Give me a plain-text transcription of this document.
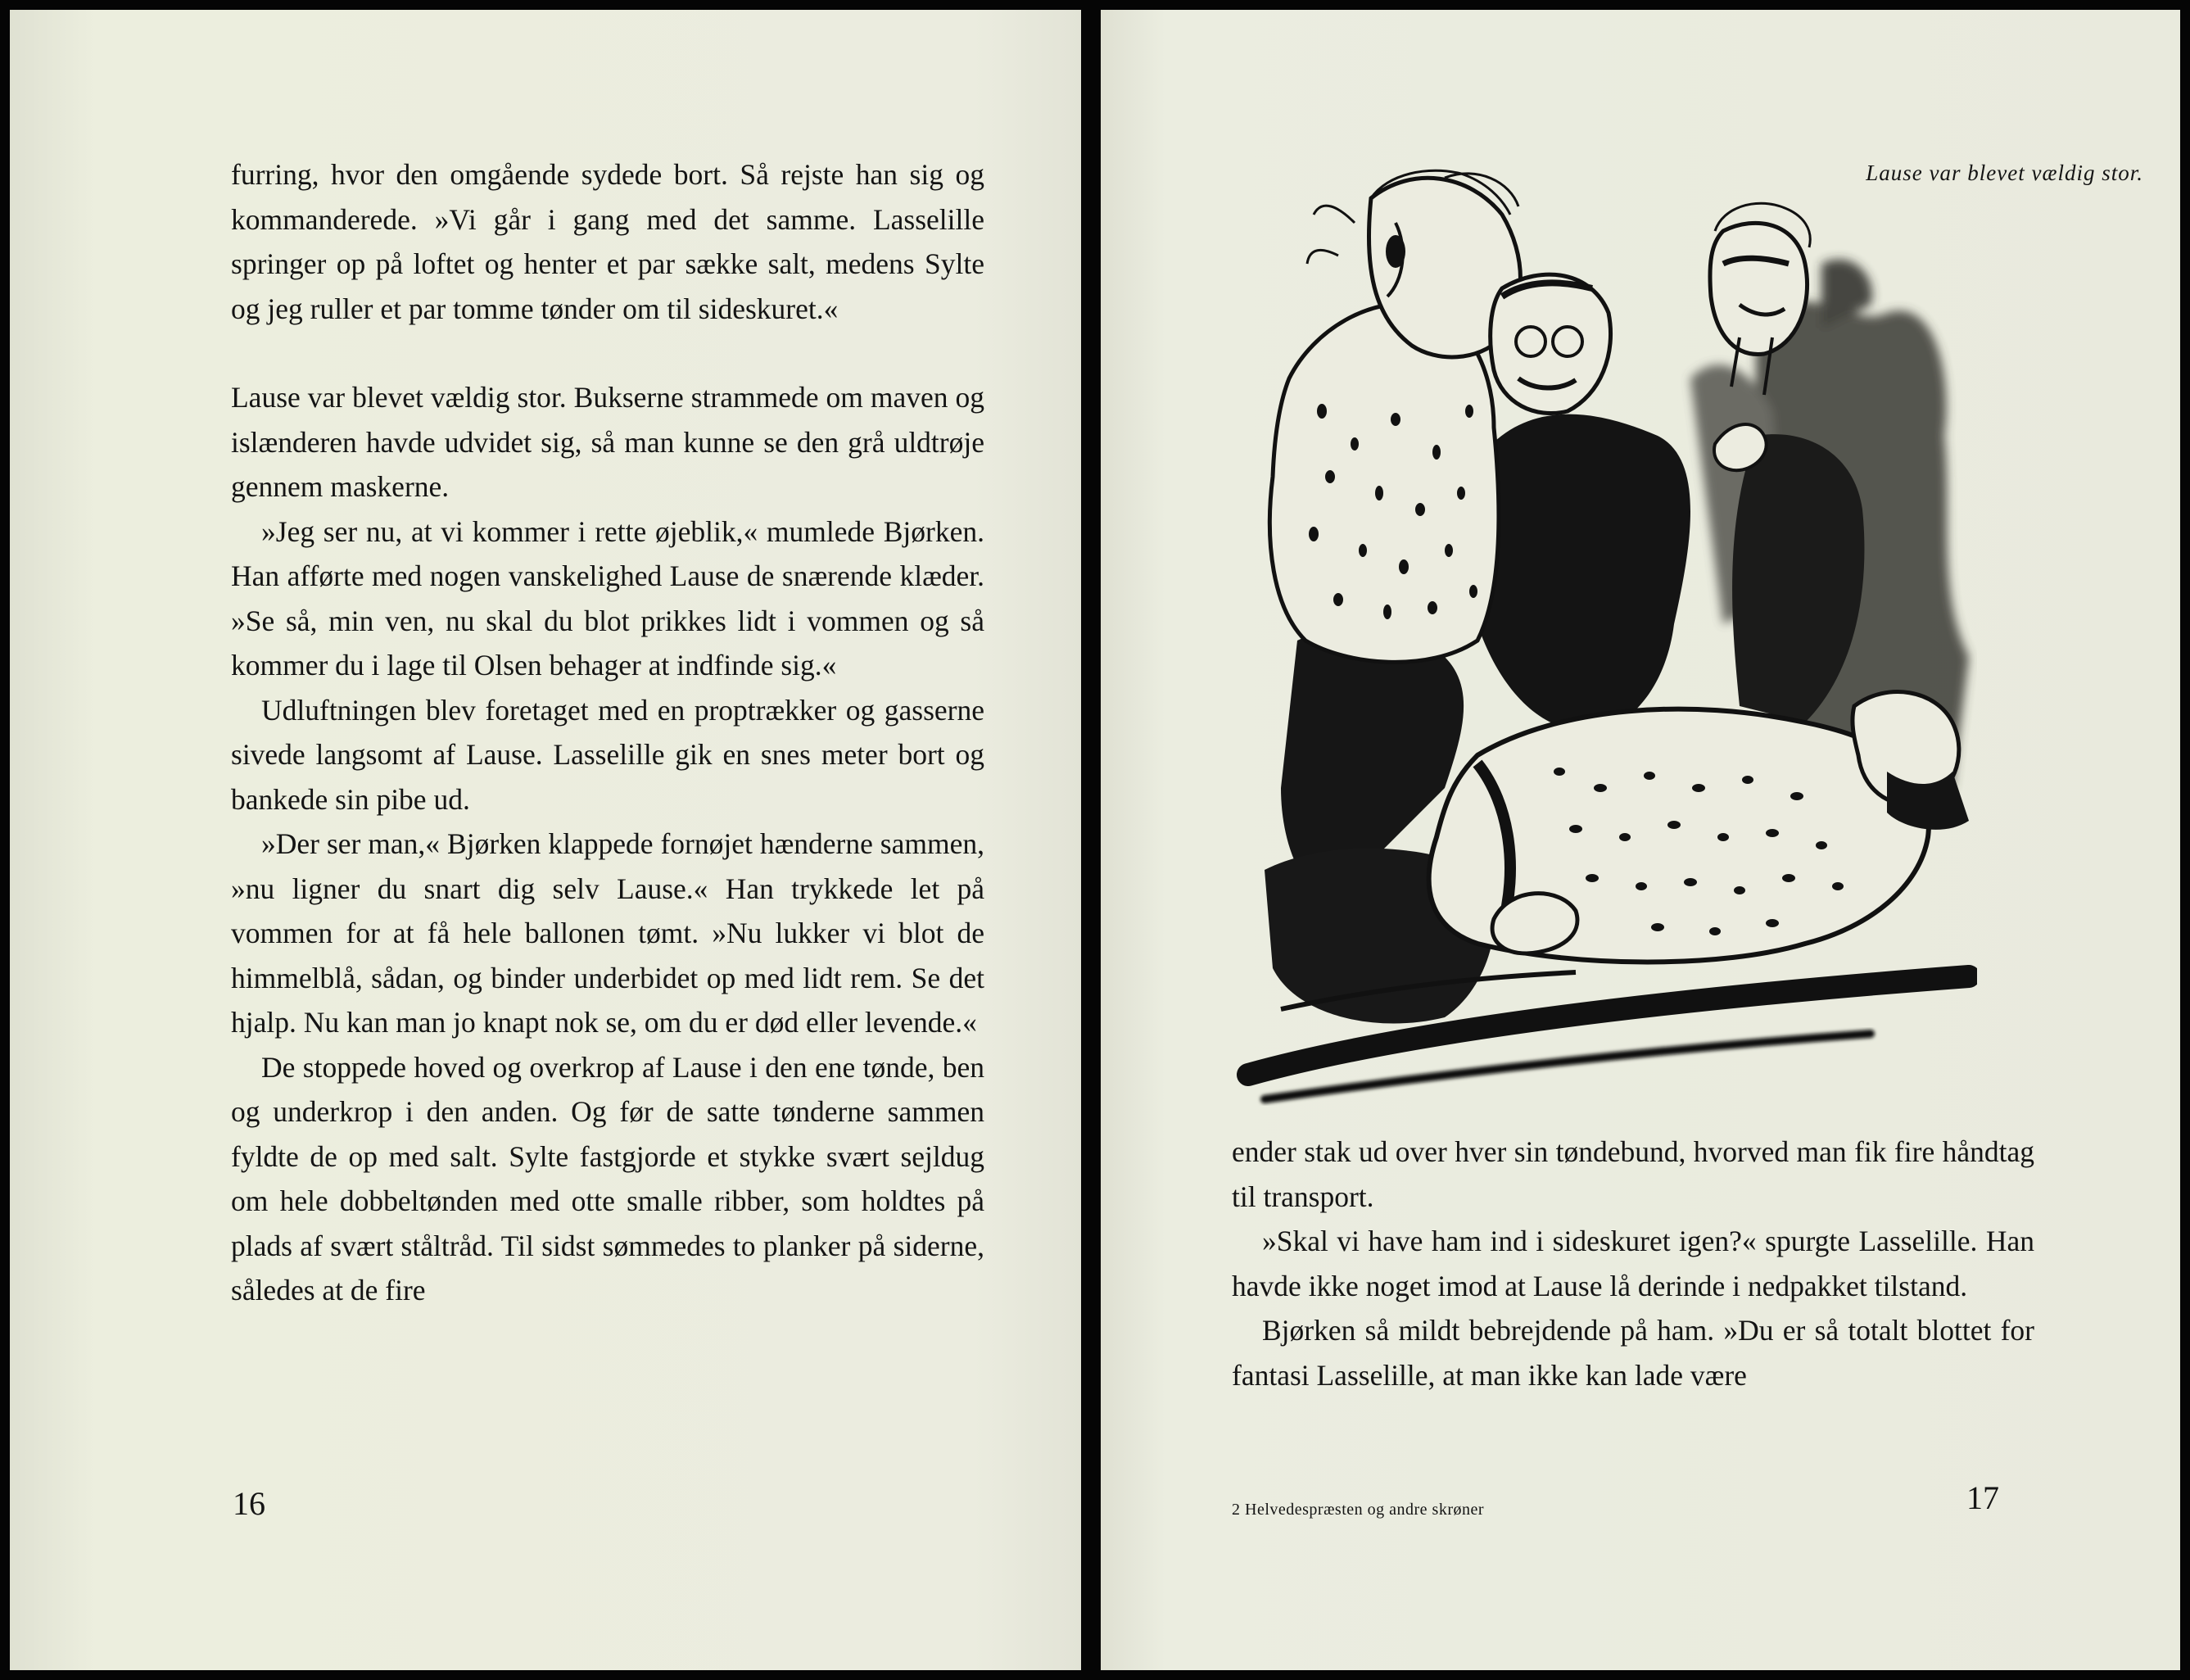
furring, hvor den omgående sydede bort. Så rejste han sig og kommanderede. »Vi går i gang med det samme. Lasselille springer op på loftet og henter et par sække salt, medens Sylte og jeg ruller et par tomme tønder om til sideskuret.«

Lause var blevet vældig stor. Bukserne strammede om maven og islænderen havde udvidet sig, så man kunne se den grå uldtrøje gennem maskerne.

»Jeg ser nu, at vi kommer i rette øjeblik,« mumlede Bjørken. Han afførte med nogen vanskelighed Lause de snærende klæder. »Se så, min ven, nu skal du blot prikkes lidt i vommen og så kommer du i lage til Olsen behager at indfinde sig.«

Udluftningen blev foretaget med en proptrækker og gasserne sivede langsomt af Lause. Lasselille gik en snes meter bort og bankede sin pibe ud.

»Der ser man,« Bjørken klappede fornøjet hænderne sammen, »nu ligner du snart dig selv Lause.« Han trykkede let på vommen for at få hele ballonen tømt. »Nu lukker vi blot de himmelblå, sådan, og binder underbidet op med lidt rem. Se det hjalp. Nu kan man jo knapt nok se, om du er død eller levende.«

De stoppede hoved og overkrop af Lause i den ene tønde, ben og underkrop i den anden. Og før de satte tønderne sammen fyldte de op med salt. Sylte fastgjorde et stykke svært sejldug om hele dobbeltønden med otte smalle ribber, som holdtes på plads af svært ståltråd. Til sidst sømmedes to planker på siderne, således at de fire

16
Lause var blevet vældig stor.

ender stak ud over hver sin tøndebund, hvorved man fik fire håndtag til transport.

»Skal vi have ham ind i sideskuret igen?« spurgte Lasselille. Han havde ikke noget imod at Lause lå derinde i nedpakket tilstand.

Bjørken så mildt bebrejdende på ham. »Du er så totalt blottet for fantasi Lasselille, at man ikke kan lade være

2 Helvedespræsten og andre skrøner	17
